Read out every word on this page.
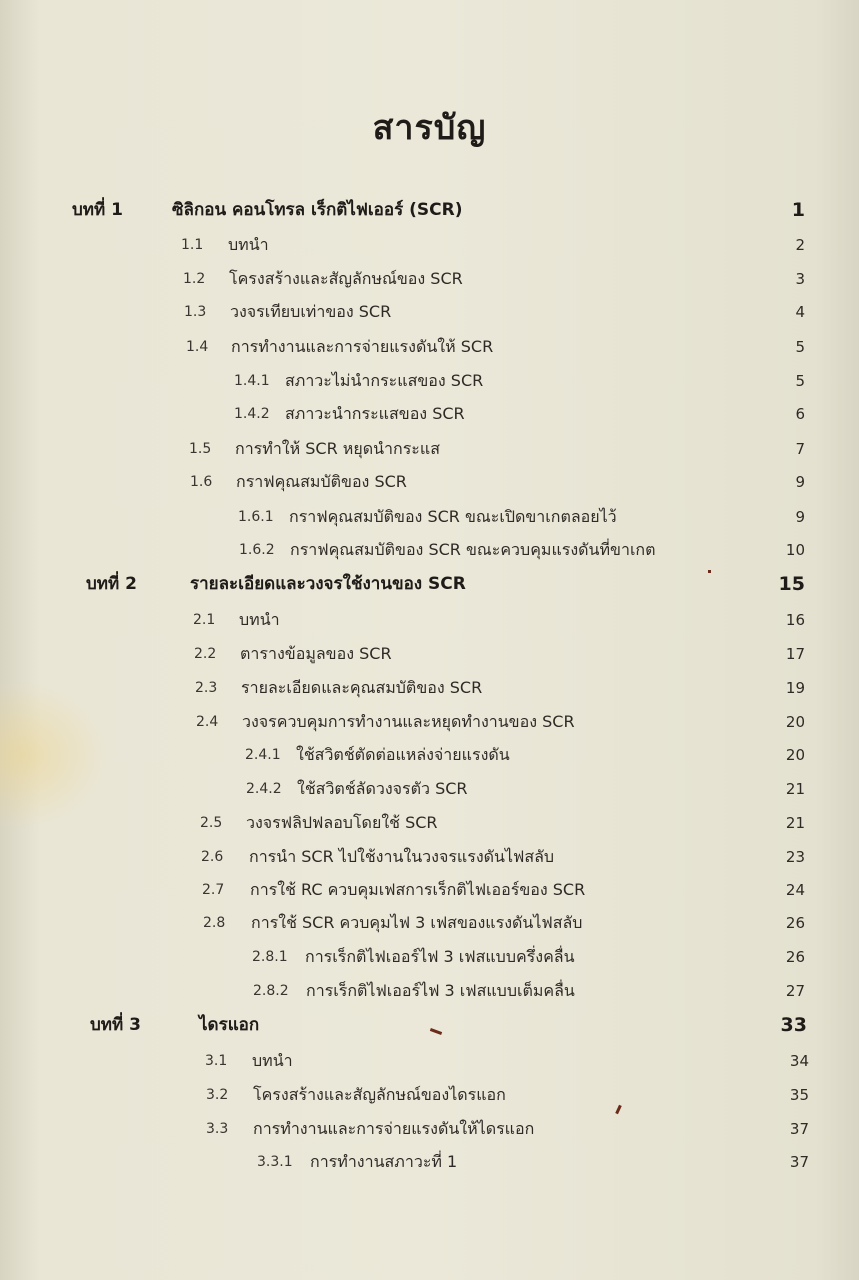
สารบัญ
บทที่ 1	ซิลิกอน คอนโทรล เร็กติไฟเออร์ (SCR)	1
1.1 บทนำ	2
1.2 โครงสร้างและสัญลักษณ์ของ SCR	3
1.3 วงจรเทียบเท่าของ SCR	4
1.4 การทำงานและการจ่ายแรงดันให้ SCR	5
1.4.1 สภาวะไม่นำกระแสของ SCR	5
1.4.2 สภาวะนำกระแสของ SCR	6
1.5 การทำให้ SCR หยุดนำกระแส	7
1.6 กราฟคุณสมบัติของ SCR	9
1.6.1 กราฟคุณสมบัติของ SCR ขณะเปิดขาเกตลอยไว้	9
1.6.2 กราฟคุณสมบัติของ SCR ขณะควบคุมแรงดันที่ขาเกต	10
บทที่ 2	รายละเอียดและวงจรใช้งานของ SCR	15
2.1 บทนำ	16
2.2 ตารางข้อมูลของ SCR	17
2.3 รายละเอียดและคุณสมบัติของ SCR	19
2.4 วงจรควบคุมการทำงานและหยุดทำงานของ SCR	20
2.4.1 ใช้สวิตช์ตัดต่อแหล่งจ่ายแรงดัน	20
2.4.2 ใช้สวิตช์ลัดวงจรตัว SCR	21
2.5 วงจรฟลิปฟลอบโดยใช้ SCR	21
2.6 การนำ SCR ไปใช้งานในวงจรแรงดันไฟสลับ	23
2.7 การใช้ RC ควบคุมเฟสการเร็กติไฟเออร์ของ SCR	24
2.8 การใช้ SCR ควบคุมไฟ 3 เฟสของแรงดันไฟสลับ	26
2.8.1 การเร็กติไฟเออร์ไฟ 3 เฟสแบบครึ่งคลื่น	26
2.8.2 การเร็กติไฟเออร์ไฟ 3 เฟสแบบเต็มคลื่น	27
บทที่ 3	ไดรแอก	33
3.1 บทนำ	34
3.2 โครงสร้างและสัญลักษณ์ของไดรแอก	35
3.3 การทำงานและการจ่ายแรงดันให้ไดรแอก	37
3.3.1 การทำงานสภาวะที่ 1	37
